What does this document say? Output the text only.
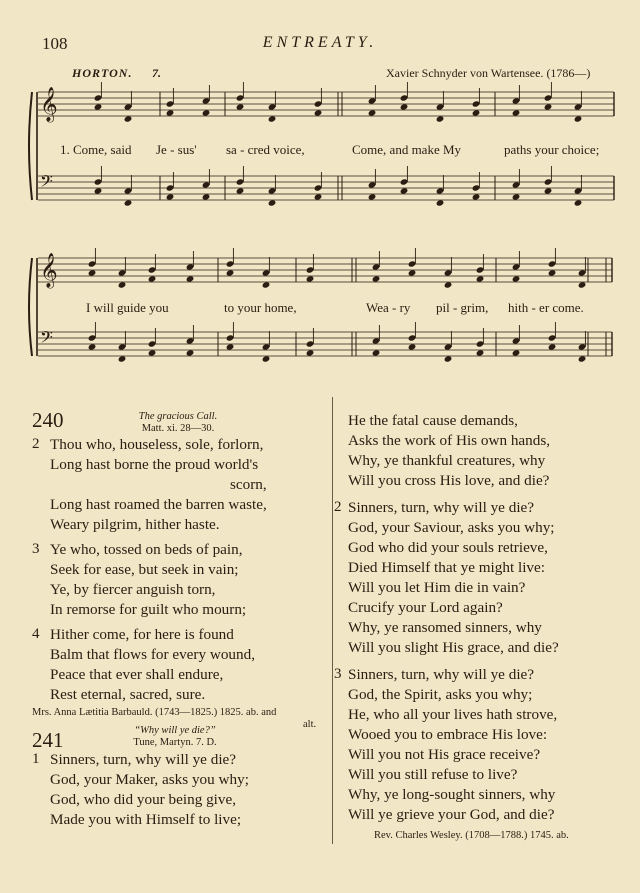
108	ENTREATY.
HORTON. 7.	Xavier Schnyder von Wartensee. (1786—)
𝄞
𝄢
𝄞
𝄢
1. Come, said Je - sus' sa - cred voice,	Come, and make My	paths your choice;
I will guide you	to your home,	Wea - ry pil - grim, hith - er come.
240	The gracious Call.
Matt. xi. 28—30.
2 Thou who, houseless, sole, forlorn,
Long hast borne the proud world's
scorn,
Long hast roamed the barren waste,
Weary pilgrim, hither haste.
3 Ye who, tossed on beds of pain,
Seek for ease, but seek in vain;
Ye, by fiercer anguish torn,
In remorse for guilt who mourn;
4 Hither come, for here is found
Balm that flows for every wound,
Peace that ever shall endure,
Rest eternal, sacred, sure.
Mrs. Anna Lætitia Barbauld. (1743—1825.) 1825. ab. and
alt.
241	“Why will ye die?”
Tune, Martyn. 7. D.
1 Sinners, turn, why will ye die?
God, your Maker, asks you why;
God, who did your being give,
Made you with Himself to live;
He the fatal cause demands,
Asks the work of His own hands,
Why, ye thankful creatures, why
Will you cross His love, and die?
2 Sinners, turn, why will ye die?
God, your Saviour, asks you why;
God who did your souls retrieve,
Died Himself that ye might live:
Will you let Him die in vain?
Crucify your Lord again?
Why, ye ransomed sinners, why
Will you slight His grace, and die?
3 Sinners, turn, why will ye die?
God, the Spirit, asks you why;
He, who all your lives hath strove,
Wooed you to embrace His love:
Will you not His grace receive?
Will you still refuse to live?
Why, ye long-sought sinners, why
Will ye grieve your God, and die?
Rev. Charles Wesley. (1708—1788.) 1745. ab.
